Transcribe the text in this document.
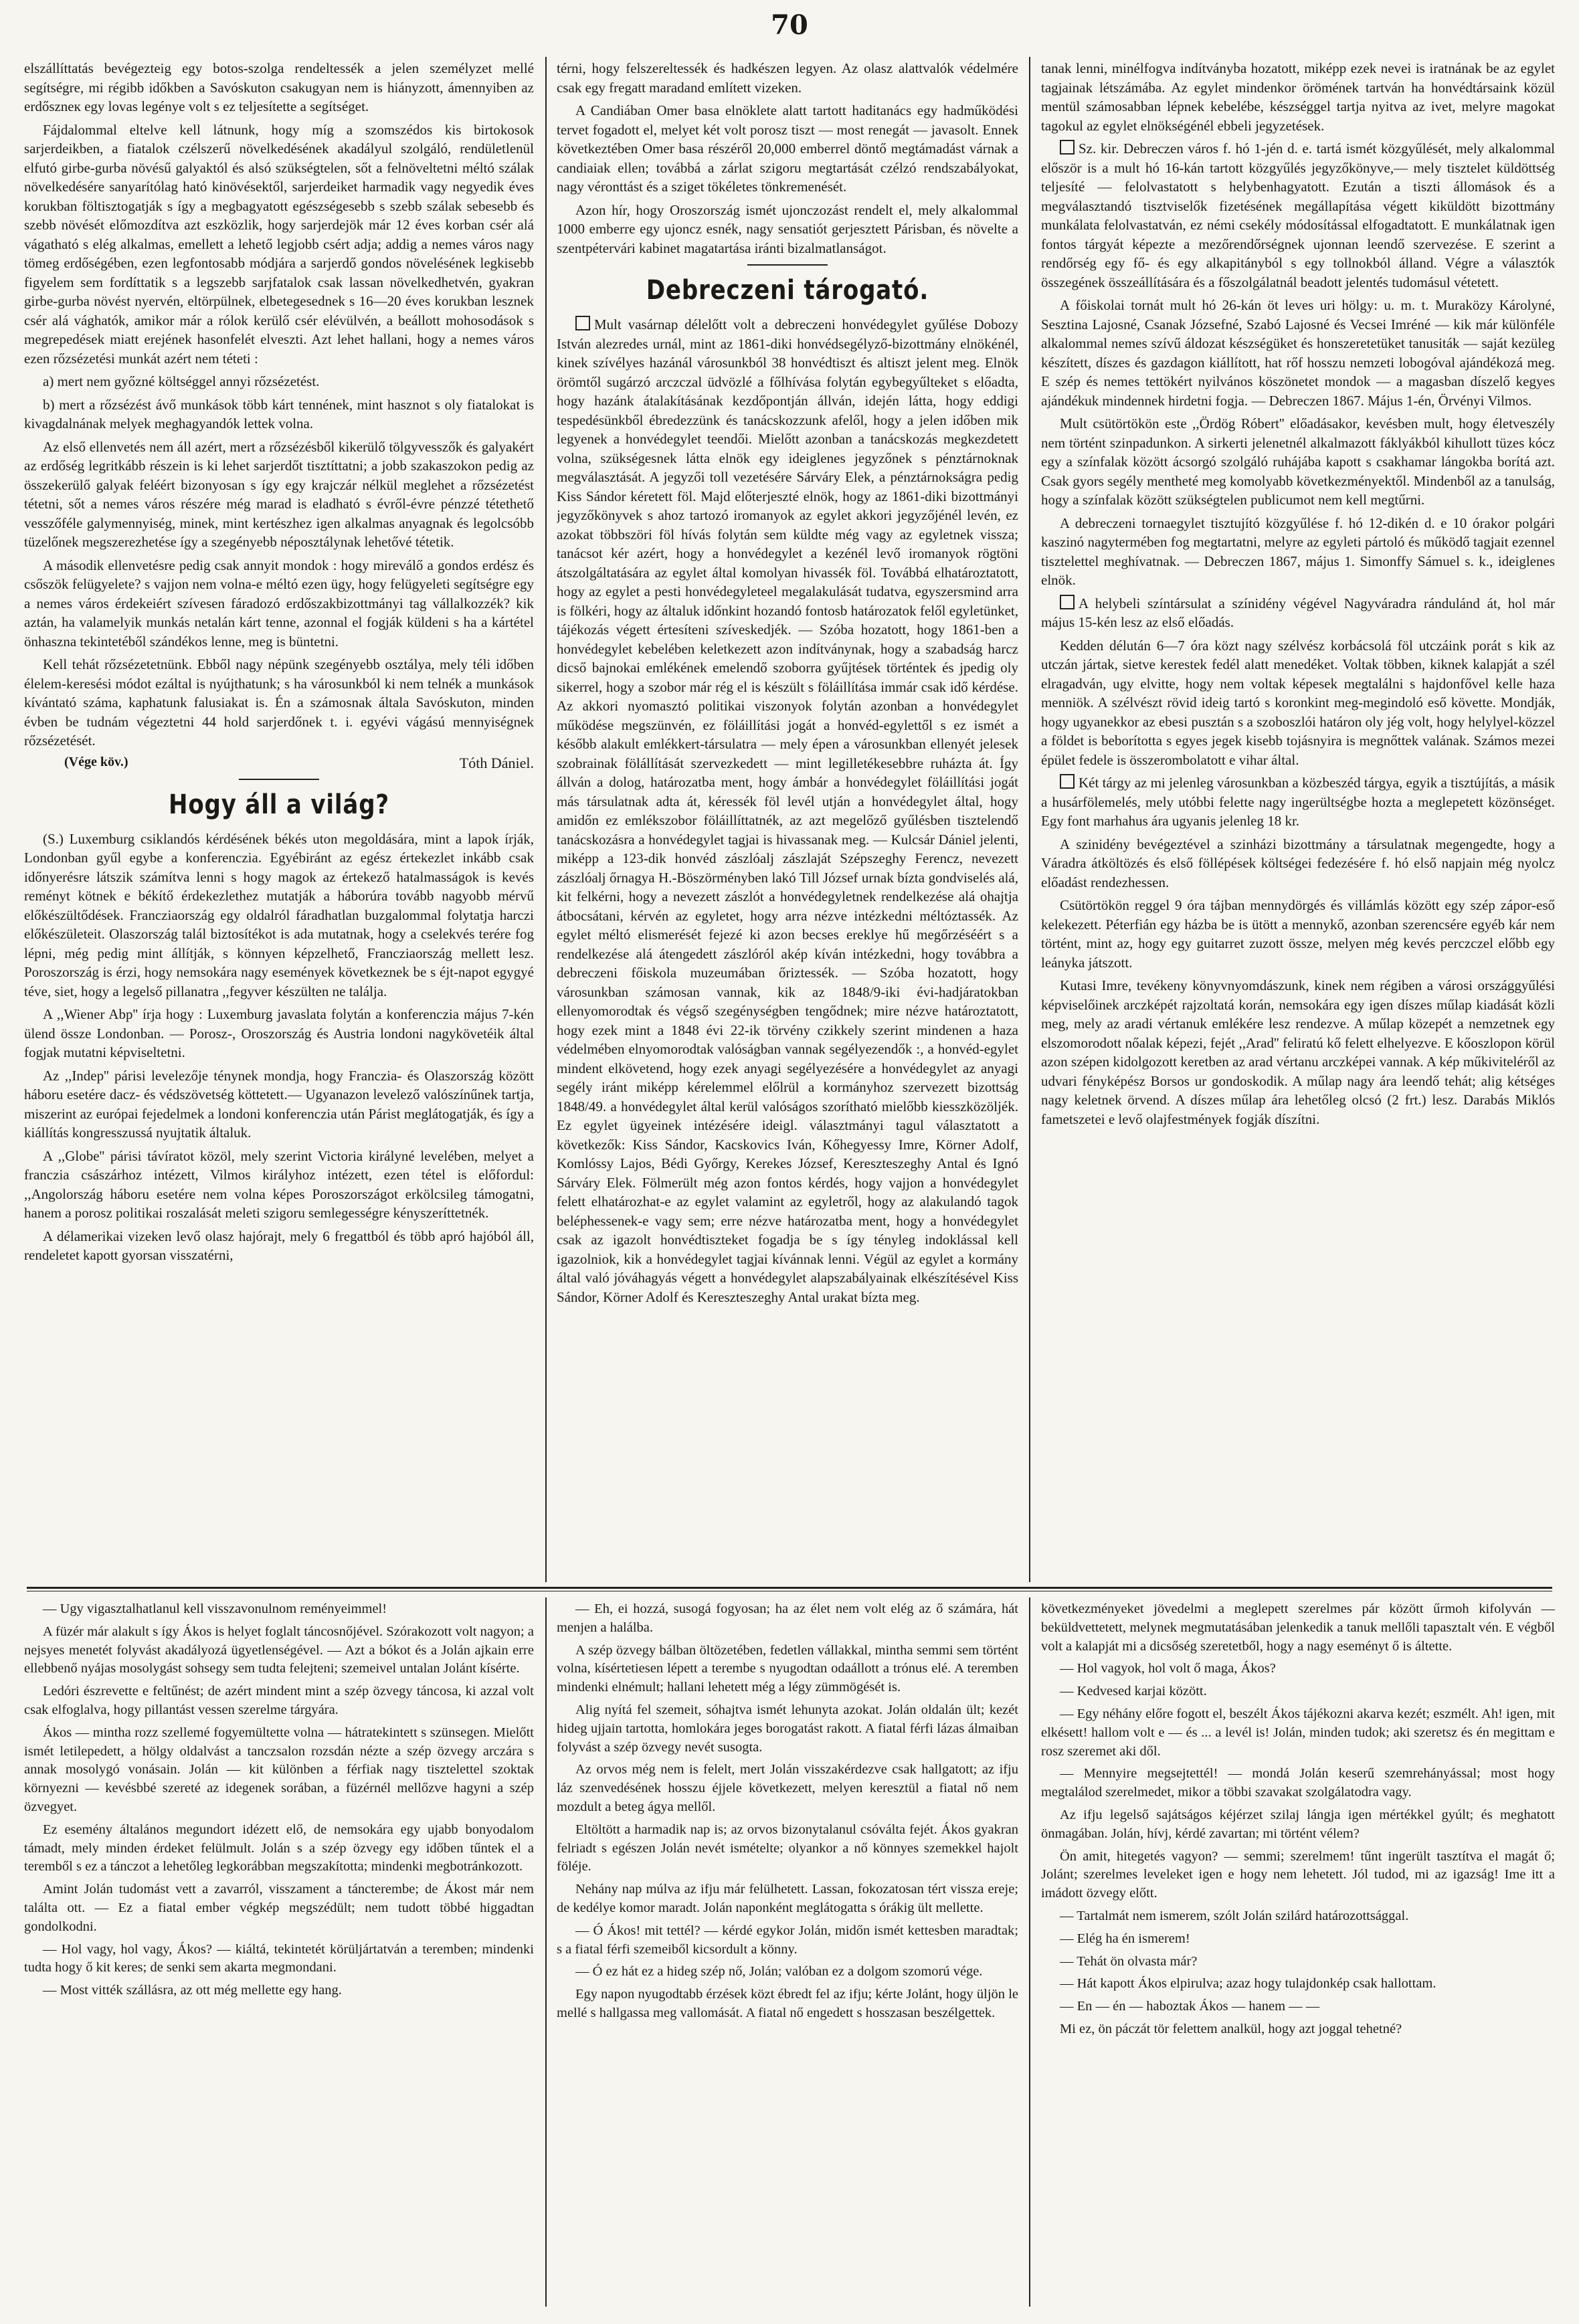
70

elszállíttatás bevégezteig egy botos-szolga rendeltessék a jelen személyzet mellé segítségre, mi régibb időkben a Savóskuton csakugyan nem is hiányzott, ámennyiben az erdőszneк egy lovas legénye volt s ez teljesítette a segítséget.

Fájdalommal eltelve kell látnunk, hogy míg a szomszédos kis birtokosok sarjerdeikben, a fiatalok czélszerű növelkedésének akadályul szolgáló, rendületlenül elfutó girbe-gurba növésű galyaktól és alsó szükségtelen, sőt a felnöveltetni méltó szálak növelkedésére sanyarítólag ható kinövésektől, sarjerdeiket harmadik vagy negyedik éves korukban föltisztogatják s így a megbagyatott egészségesebb s szebb szálak sebesebb és szebb növését előmozdítva azt eszközlik, hogy sarjerdejök már 12 éves korban csér alá vágatható s elég alkalmas, emellett a lehető legjobb csért adja; addig a nemes város nagy tömeg erdőségében, ezen legfontosabb módjára a sarjerdő gondos növelésének legkisebb figyelem sem fordíttatik s a legszebb sarjfatalok csak lassan növelkedhetvén, gyakran girbe-gurba növést nyervén, eltörpülnek, elbetegesednek s 16—20 éves korukban lesznek csér alá vághatók, amikor már a rólok kerülő csér elévülvén, a beállott mohosodások s megrepedések miatt erejének hasonfelét elveszti. Azt lehet hallani, hogy a nemes város ezen rőzsézetési munkát azért nem téteti :

a) mert nem győzné költséggel annyi rőzsézetést.

b) mert a rőzsézést ávő munkások több kárt tennének, mint hasznot s oly fiatalokat is kivagdalnának melyek meghagyandók lettek volna.

Az első ellenvetés nem áll azért, mert a rőzsézésből kikerülő tölgyvesszők és galyakért az erdőség legritkább részein is ki lehet sarjerdőt tisztíttatni; a jobb szakaszokon pedig az összekerülő galyak feléért bizonyosan s így egy krajczár nélkül meglehet a rőzsézetést tétetni, sőt a nemes város részére még marad is eladható s évről-évre pénzzé tétethető vesszőféle galymennyiség, minek, mint kertészhez igen alkalmas anyagnak és legolcsóbb tüzelőnek megszerezhetése így a szegényebb néposztálynak lehetővé tétetik.

A második ellenvetésre pedig csak annyit mondok : hogy mireválő a gondos erdész és csőszök felügyelete? s vajjon nem volna-e méltó ezen ügy, hogy felügyeleti segítségre egy a nemes város érdekeiért szívesen fáradozó erdőszakbizottmányi tag vállalkozzék? kik aztán, ha valamelyik munkás netalán kárt tenne, azonnal el fogják küldeni s ha a kártétel önhaszna tekintetéből szándékos lenne, meg is büntetni.

Kell tehát rőzsézetetnünk. Ebből nagy népünk szegényebb osztálya, mely téli időben élelem-keresési módot ezáltal is nyújthatunk; s ha városunkból ki nem telnék a munkások kívántató száma, kaphatunk falusiakat is. Én a számosnak általa Savóskuton, minden évben be tudnám végeztetni 44 hold sarjerdőnek t. i. egyévi vágású mennyiségnek rőzsézetését.

(Vége köv.)	Tóth Dániel.
Hogy áll a világ?

(S.) Luxemburg csiklandós kérdésének békés uton megoldására, mint a lapok írják, Londonban gyűl egybe a konferenczia. Egyébiránt az egész értekezlet inkább csak időnyerésre látszik számítva lenni s hogy magok az értekező hatalmasságok is kevés reményt kötnek e békítő érdekezlethez mutatják a háborúra tovább nagyobb mérvű előkészültődések. Francziaország egy oldalról fáradhatlan buzgalommal folytatja harczi előkészületeit. Olaszország talál biztosítékot is ada mutatnak, hogy a cselekvés terére fog lépni, még pedig mint állítják, s könnyen képzelhető, Francziaország mellett lesz. Poroszország is érzi, hogy nemsokára nagy események következnek be s éjt-napot egygyé téve, siet, hogy a legelső pillanatra ,,fegyver készülten ne találja.

A ,,Wiener Abp'' írja hogy : Luxemburg javaslata folytán a konferenczia május 7-kén ülend össze Londonban. — Porosz-, Oroszország és Austria londoni nagykövetéik által fogjak mutatni képviseltetni.

Az ,,Indep'' párisi levelezője ténynek mondja, hogy Franczia- és Olaszország között háboru esetére dacz- és védszövetség köttetett.— Ugyanazon levelező valószínűnek tartja, miszerint az európai fejedelmek a londoni konferenczia után Párist meglátogatják, és így a kiállítás kongresszussá nyujtatik általuk.

A ,,Globe'' párisi távíratot közöl, mely szerint Victoria királyné levelében, melyet a franczia császárhoz intézett, Vilmos királyhoz intézett, ezen tétel is előfordul: ,,Angolország háboru esetére nem volna képes Poroszországot erkölcsileg támogatni, hanem a porosz politikai roszalását meleti szigoru semlegességre kényszeríttetnék.

A délamerikai vizeken levő olasz hajórajt, mely 6 fregattból és több apró hajóból áll, rendeletet kapott gyorsan visszatérni,

térni, hogy felszereltessék és hadkészen legyen. Az olasz alattvalók védelmére csak egy fregatt maradand említett vizeken.

A Candiában Omer basa elnöklete alatt tartott haditanács egy hadműködési tervet fogadott el, melyet két volt porosz tiszt — most renegát — javasolt. Ennek következtében Omer basa részéről 20,000 emberrel döntő megtámadást várnak a candiaiak ellen; továbbá a zárlat szigoru megtartását czélzó rendszabályokat, nagy véronttást és a sziget tökéletes tönkremenését.

Azon hír, hogy Oroszország ismét ujonczozást rendelt el, mely alkalommal 1000 emberre egy ujoncz esnék, nagy sensatiót gerjesztett Párisban, és növelte a szentpétervári kabinet magatartása iránti bizalmatlanságot.

Debreczeni tárogató.

Mult vasárnap délelőtt volt a debreczeni honvédegylet gyűlése Dobozy István alezredes urnál, mint az 1861-diki honvédsegélyző-bizottmány elnökénél, kinek szívélyes hazánál városunkból 38 honvédtiszt és altiszt jelent meg. Elnök örömtől sugárzó arczczal üdvözlé a főlhívása folytán egybegyűlteket s előadta, hogy hazánk átalakításának kezdőpontján állván, idején látta, hogy eddigi tespedésünkből ébredezzünk és tanácskozzunk afelől, hogy a jelen időben mik legyenek a honvédegylet teendői. Mielőtt azonban a tanácskozás megkezdetett volna, szükségesnek látta elnök egy ideiglenes jegyzőnek s pénztárnoknak megválasztását. A jegyzői toll vezetésére Sárváry Elek, a pénztárnokságra pedig Kiss Sándor kéretett föl. Majd előterjeszté elnök, hogy az 1861-diki bizottmányi jegyzőkönyvek s ahoz tartozó iromanyok az egylet akkori jegyzőjénél levén, ez azokat többszöri föl hívás folytán sem küldte még vagy az egyletnek vissza; tanácsot kér azért, hogy a honvédegylet a kezénél levő iromanyok rögtöni átszolgáltatására az egylet által komolyan hivassék föl. Továbbá elhatároztatott, hogy az egylet a pesti honvédegyleteel megalakulását tudatva, egyszersmind arra is fölkéri, hogy az általuk időnkint hozandó fontosb határozatok felől egyletünket, tájékozás végett értesíteni szíveskedjék. — Szóba hozatott, hogy 1861-ben a honvédegylet kebelében keletkezett azon indítványnak, hogy a szabadság harcz dicső bajnokai emlékének emelendő szoborra gyűjtések történtek és jpedig oly sikerrel, hogy a szobor már rég el is készült s föláillítása immár csak idő kérdése. Az akkori nyomasztó politikai viszonyok folytán azonban a honvédegylet működése megszünvén, ez föláillítási jogát a honvéd-egylettől s ez ismét a később alakult emlékkert-társulatra — mely épen a városunkban ellenyét jelesek szobrainak fölállítását szervezkedett — mint legilletékesebbre ruházta át. Így állván a dolog, határozatba ment, hogy ámbár a honvédegylet föláillítási jogát más társulatnak adta át, kéressék föl levél utján a honvédegylet által, hogy amidőn ez emlékszobor föláillíttatnék, az azt megelőző gyűlésben tisztelendő tanácskozásra a honvédegylet tagjai is hivassanak meg. — Kulcsár Dániel jelenti, miképp a 123-dik honvéd zászlóalj zászlaját Szépszeghy Ferencz, nevezett zászlóalj őrnagya H.-Böszörményben lakó Till József urnak bízta gondviselés alá, kit felkérni, hogy a nevezett zászlót a honvédegyletnek rendelkezése alá ohajtja átbocsátani, kérvén az egyletet, hogy arra nézve intézkedni méltóztassék. Az egylet méltó elismerését fejezé ki azon becses ereklye hű megőrzéséért s a rendelkezése alá átengedett zászlóról akép kíván intézkedni, hogy továbbra a debreczeni főiskola muzeumában őriztessék. — Szóba hozatott, hogy városunkban számosan vannak, kik az 1848/9-iki évi-hadjáratokban ellenyomorodtak és végső szegénységben tengődnek; mire nézve határoztatott, hogy ezek mint a 1848 évi 22-ik törvény czikkely szerint mindenen a haza védelmében elnyomorodtak valóságban vannak segélyezendők :, a honvéd-egylet mindent elkövetend, hogy ezek anyagi segélyezésére a honvédegylet az anyagi segély iránt miképp kérelemmel előlrül a kormányhoz szervezett bizottság 1848/49. a honvédegylet által kerül valóságos szorítható mielőbb kiesszközöljék. Ez egylet ügyeinek intézésére ideigl. választmányi tagul választatott a következők: Kiss Sándor, Kacskovics Iván, Kőhegyessy Imre, Körner Adolf, Komlóssy Lajos, Bédi Győrgy, Kerekes József, Kereszteszeghy Antal és Ignó Sárváry Elek. Fölmerült még azon fontos kérdés, hogy vajjon a honvédegylet felett elhatározhat-e az egylet valamint az egyletről, hogy az alakulandó tagok beléphessenek-e vagy sem; erre nézve határozatba ment, hogy a honvédegylet csak az igazolt honvédtiszteket fogadja be s így tényleg indoklással kell igazolniok, kik a honvédegylet tagjai kívánnak lenni. Végül az egylet a kormány által való jóváhagyás végett a honvédegylet alapszabályainak elkészítésével Kiss Sándor, Körner Adolf és Kereszteszeghy Antal urakat bízta meg.

tanak lenni, minélfogva indítványba hozatott, miképp ezek nevei is iratnának be az egylet tagjainak létszámába. Az egylet mindenkor örömének tartván ha honvédtársaink közül mentül számosabban lépnek kebelébe, készséggel tartja nyitva az ivet, melyre magokat tagokul az egylet elnökségénél ebbeli jegyzetések.

Sz. kir. Debreczen város f. hó 1-jén d. e. tartá ismét közgyűlését, mely alkalommal először is a mult hó 16-kán tartott közgyűlés jegyzőkönyve,— mely tisztelet küldöttség teljesíté — felolvastatott s helybenhagyatott. Ezután a tiszti állomások és a megválasztandó tisztviselők fizetésének megállapítása végett kiküldött bizottmány munkálata felolvastatván, ez némi csekély módosítással elfogadtatott. E munkálatnak igen fontos tárgyát képezte a mezőrendőrségnek ujonnan leendő szervezése. E szerint a rendőrség egy fő- és egy alkapitányból s egy tollnokból álland. Végre a választók összegének összeállítására és a főszolgálatnál beadott jelentés tudomásul vétetett.

A főiskolai tornát mult hó 26-kán öt leves uri hölgy: u. m. t. Muraközy Károlyné, Sesztina Lajosné, Csanak Józsefné, Szabó Lajosné és Vecsei Imréné — kik már különféle alkalommal nemes szívű áldozat készségüket és honszeretetüket tanusiták — saját kezüleg készített, díszes és gazdagon kiállított, hat rőf hosszu nemzeti lobogóval ajándékozá meg. E szép és nemes tettökért nyilvános köszönetet mondok — a magasban díszelő kegyes ajándékuk mindennek hirdetni fogja. — Debreczen 1867. Május 1-én, Örvényi Vilmos.

Mult csütörtökön este ,,Ördög Róbert'' előadásakor, kevésben mult, hogy életveszély nem történt szinpadunkon. A sirkerti jelenetnél alkalmazott fáklyákból kihullott tüzes kócz egy a színfalak között ácsorgó szolgáló ruhájába kapott s csakhamar lángokba borítá azt. Csak gyors segély mentheté meg komolyabb következményektől. Mindenből az a tanulság, hogy a színfalak között szükségtelen publicumot nem kell megtűrni.

A debreczeni tornaegylet tisztujító közgyűlése f. hó 12-dikén d. e 10 órakor polgári kaszinó nagytermében fog megtartatni, melyre az egyleti pártoló és működő tagjait ezennel tisztelettel meghívatnak. — Debreczen 1867, május 1. Simonffy Sámuel s. k., ideiglenes elnök.

A helybeli színtársulat a színidény végével Nagyváradra rándulánd át, hol már május 15-kén lesz az első előadás.

Kedden délután 6—7 óra közt nagy szélvész korbácsolá föl utczáink porát s kik az utczán jártak, sietve kerestek fedél alatt menedéket. Voltak többen, kiknek kalapját a szél elragadván, ugy elvitte, hogy nem voltak képesek megtalálni s hajdonfővel kelle haza menniök. A szélvészt rövid ideig tartó s koronkint meg-megindoló eső követte. Mondják, hogy ugyanekkor az ebesi pusztán s a szoboszlói határon oly jég volt, hogy helylyel-közzel a földet is beborította s egyes jegek kisebb tojásnyira is megnőttek valának. Számos mezei épület fedele is összerombolatott e vihar által.

Két tárgy az mi jelenleg városunkban a közbeszéd tárgya, egyik a tisztújítás, a másik a husárfölemelés, mely utóbbi felette nagy ingerültségbe hozta a meglepetett közönséget. Egy font marhahus ára ugyanis jelenleg 18 kr.

A szinidény bevégeztével a szinházi bizottmány a társulatnak megengedte, hogy a Váradra átköltözés és első föllépések költségei fedezésére f. hó első napjain még nyolcz előadást rendezhessen.

Csütörtökön reggel 9 óra tájban mennydörgés és villámlás között egy szép zápor-eső kelekezett. Péterfián egy házba be is ütött a mennykő, azonban szerencsére egyéb kár nem történt, mint az, hogy egy guitarret zuzott össze, melyen még kevés perczczel előbb egy leányka játszott.

Kutasi Imre, tevékeny könyvnyomdászunk, kinek nem régiben a városi országgyűlési képviselőinek arczképét rajzoltatá korán, nemsokára egy igen díszes műlap kiadását közli meg, mely az aradi vértanuk emlékére lesz rendezve. A műlap közepét a nemzetnek egy elszomorodott nőalak képezi, fejét ,,Arad'' feliratú kő felett elhelyezve. E kőoszlopon körül azon szépen kidolgozott keretben az arad vértanu arczképei vannak. A kép műkiviteléről az udvari fényképész Borsos ur gondoskodik. A műlap nagy ára leendő tehát; alig kétséges nagy keletnek örvend. A díszes műlap ára lehetőleg olcsó (2 frt.) lesz. Darabás Miklós fametszetei e levő olajfestmények fogják díszítni.

— Ugy vigasztalhatlanul kell visszavonulnom reményeimmel!

A füzér már alakult s így Ákos is helyet foglalt táncosnőjével. Szórakozott volt nagyon; a nejsyes menetét folyvást akadályozá ügyetlenségével. — Azt a bókot és a Jolán ajkain erre ellebbenő nyájas mosolygást sohsegy sem tudta felejteni; szemeivel untalan Jolánt kísérte.

Ledóri észrevette e feltűnést; de azért mindent mint a szép özvegy táncosa, ki azzal volt csak elfoglalva, hogy pillantást vessen szerelme tárgyára.

Ákos — mintha rozz szellemé fogyemültette volna — hátratekintett s szünsegen. Mielőtt ismét letilepedett, a hölgy oldalvást a tanczsalon rozsdán nézte a szép özvegy arczára s annak mosolygó vonásain. Jolán — kit különben a férfiak nagy tisztelettel szoktak környezni — kevésbbé szereté az idegenek sorában, a füzérnél mellőzve hagyni a szép özvegyet.

Ez esemény általános megundort idézett elő, de nemsokára egy ujabb bonyodalom támadt, mely minden érdeket felülmult. Jolán s a szép özvegy egy időben tűntek el a teremből s ez a tánczot a lehetőleg legkorábban megszakította; mindenki megbotránkozott.

Amint Jolán tudomást vett a zavarról, visszament a táncterembe; de Ákost már nem találta ott. — Ez a fiatal ember végkép megszédült; nem tudott többé higgadtan gondolkodni.

— Hol vagy, hol vagy, Ákos? — kiáltá, tekintetét körüljártatván a teremben; mindenki tudta hogy ő kit keres; de senki sem akarta megmondani.

— Most vitték szállásra, az ott még mellette egy hang.

— Eh, ei hozzá, susogá fogyosan; ha az élet nem volt elég az ő számára, hát menjen a halálba.

A szép özvegy bálban öltözetében, fedetlen vállakkal, mintha semmi sem történt volna, kísértetiesen lépett a terembe s nyugodtan odaállott a trónus elé. A teremben mindenki elnémult; hallani lehetett még a légy zümmögését is.

Alig nyítá fel szemeit, sóhajtva ismét lehunyta azokat. Jolán oldalán ült; kezét hideg ujjain tartotta, homlokára jeges borogatást rakott. A fiatal férfi lázas álmaiban folyvást a szép özvegy nevét susogta.

Az orvos még nem is felelt, mert Jolán visszakérdezve csak hallgatott; az ifju láz szenvedésének hosszu éjjele következett, melyen keresztül a fiatal nő nem mozdult a beteg ágya mellől.

Eltöltött a harmadik nap is; az orvos bizonytalanul csóválta fejét. Ákos gyakran felriadt s egészen Jolán nevét ismételte; olyankor a nő könnyes szemekkel hajolt föléje.

Nehány nap múlva az ifju már felülhetett. Lassan, fokozatosan tért vissza ereje; de kedélye komor maradt. Jolán naponként meglátogatta s órákig ült mellette.

— Ó Ákos! mit tettél? — kérdé egykor Jolán, midőn ismét kettesben maradtak; s a fiatal férfi szemeiből kicsordult a könny.

— Ó ez hát ez a hideg szép nő, Jolán; valóban ez a dolgom szomorú vége.

Egy napon nyugodtabb érzések közt ébredt fel az ifju; kérte Jolánt, hogy üljön le mellé s hallgassa meg vallomását. A fiatal nő engedett s hosszasan beszélgettek.

következményeket jövedelmi a meglepett szerelmes pár között űrmoh kifolyván — beküldvettetett, melynek megmutatásában jelenkedik a tanuk mellőli tapasztalt vén. E végből volt a kalapját mi a dicsőség szeretetből, hogy a nagy eseményt ő is áltette.

— Hol vagyok, hol volt ő maga, Ákos?

— Kedvesed karjai között.

— Egy néhány előre fogott el, beszélt Ákos tájékozni akarva kezét; eszmélt. Ah! igen, mit elkésett! hallom volt e — és ... a levél is! Jolán, minden tudok; aki szeretsz és én megittam e rosz szeremet aki dől.

— Mennyire megsejtettél! — mondá Jolán keserű szemrehányással; most hogy megtalálod szerelmedet, mikor a többi szavakat szolgálatodra vagy.

Az ifju legelső sajátságos kéjérzet szilaj lángja igen mértékkel gyúlt; és meghatott önmagában. Jolán, hívj, kérdé zavartan; mi történt vélem?

Ön amit, hitegetés vagyon? — semmi; szerelmem! tűnt ingerült tasztítva el magát ő; Jolánt; szerelmes leveleket igen e hogy nem lehetett. Jól tudod, mi az igazság! Ime itt a imádott özvegy előtt.

— Tartalmát nem ismerem, szólt Jolán szilárd határozottsággal.

— Elég ha én ismerem!

— Tehát ön olvasta már?

— Hát kapott Ákos elpirulva; azaz hogy tulajdonkép csak hallottam.

— En — én — haboztak Ákos — hanem — —

Mi ez, ön páczát tör felettem analkül, hogy azt joggal tehetné?
